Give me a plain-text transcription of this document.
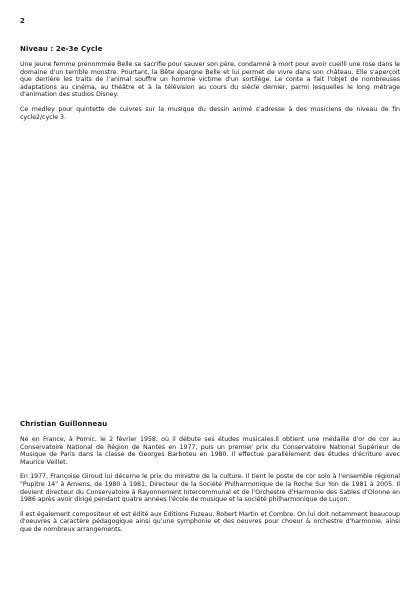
2
Niveau : 2e-3e Cycle

Une jeune femme prénommée Belle se sacrifie pour sauver son père, condamné à mort pour avoir cueilli une rose dans le domaine d'un terrible monstre. Pourtant, la Bête épargne Belle et lui permet de vivre dans son château. Elle s'aperçoit que derrière les traits de l'animal souffre un homme victime d'un sortilège. Le conte a fait l'objet de nombreuses adaptations au cinéma, au théâtre et à la télévision au cours du siècle dernier, parmi lesquelles le long métrage d'animation des studios Disney.

Ce medley pour quintette de cuivres sur la musique du dessin animé s'adresse à des musiciens de niveau de fin cycle2/cycle 3.

Christian Guillonneau

Né en France, à Pornic, le 2 février 1958, où il débute ses études musicales.Il obtient une médaille d'or de cor au Conservatoire National de Région de Nantes en 1977, puis un premier prix du Conservatoire National Supérieur de Musique de Paris dans la classe de Georges Barboteu en 1980. Il effectue parallèlement des études d'écriture avec Maurice Veillet.

En 1977, Françoise Giroud lui décerne le prix du ministre de la culture. Il tient le poste de cor solo à l'ensemble régional "Pupitre 14" à Amiens, de 1980 à 1981, Directeur de la Société Philharmonique de la Roche Sur Yon de 1981 à 2005. Il devient directeur du Conservatoire à Rayonnement Intercommunal et de l'Orchestre d'Harmonie des Sables d'Olonne en 1986 après avoir dirigé pendant quatre années l'école de musique et la société philharmonique de Luçon.

Il est également compositeur et est édité aux Editions Fuzeau, Robert Martin et Combre. On lui doit notamment beaucoup d'oeuvres à caractère pédagogique ainsi qu'une symphonie et des oeuvres pour choeur & orchestre d'harmonie, ainsi que de nombreux arrangements.
